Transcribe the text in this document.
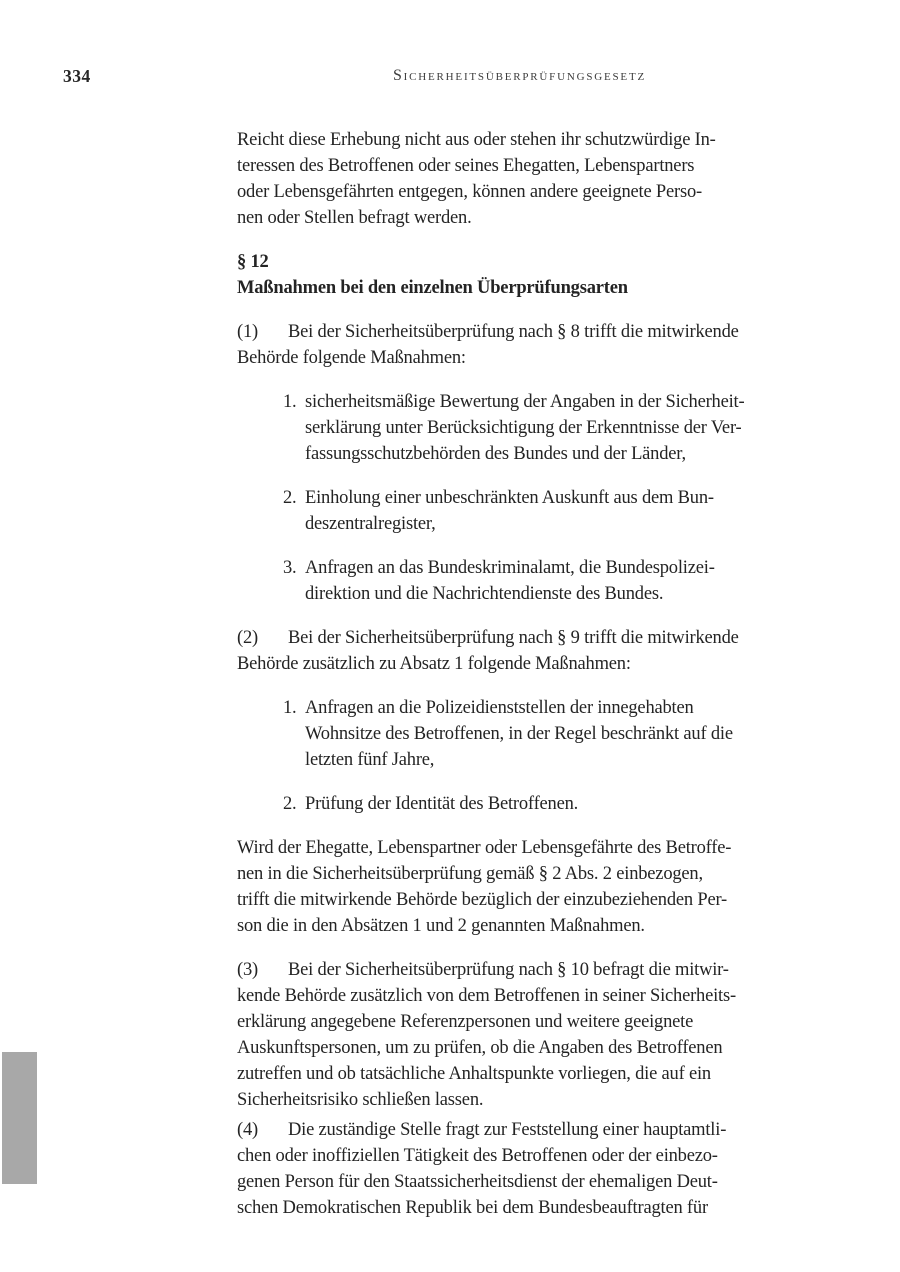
334	Sicherheitsüberprüfungsgesetz
Reicht diese Erhebung nicht aus oder stehen ihr schutzwürdige In-
teressen des Betroffenen oder seines Ehegatten, Lebenspartners
oder Lebensgefährten entgegen, können andere geeignete Perso-
nen oder Stellen befragt werden.
§ 12
Maßnahmen bei den einzelnen Überprüfungsarten
(1) Bei der Sicherheitsüberprüfung nach § 8 trifft die mitwirkende
Behörde folgende Maßnahmen:
1. sicherheitsmäßige Bewertung der Angaben in der Sicherheit-
serklärung unter Berücksichtigung der Erkenntnisse der Ver-
fassungsschutzbehörden des Bundes und der Länder,
2. Einholung einer unbeschränkten Auskunft aus dem Bun-
deszentralregister,
3. Anfragen an das Bundeskriminalamt, die Bundespolizei-
direktion und die Nachrichtendienste des Bundes.
(2) Bei der Sicherheitsüberprüfung nach § 9 trifft die mitwirkende
Behörde zusätzlich zu Absatz 1 folgende Maßnahmen:
1. Anfragen an die Polizeidienststellen der innegehabten
Wohnsitze des Betroffenen, in der Regel beschränkt auf die
letzten fünf Jahre,
2. Prüfung der Identität des Betroffenen.
Wird der Ehegatte, Lebenspartner oder Lebensgefährte des Betroffe-
nen in die Sicherheitsüberprüfung gemäß § 2 Abs. 2 einbezogen,
trifft die mitwirkende Behörde bezüglich der einzubeziehenden Per-
son die in den Absätzen 1 und 2 genannten Maßnahmen.
(3) Bei der Sicherheitsüberprüfung nach § 10 befragt die mitwir-
kende Behörde zusätzlich von dem Betroffenen in seiner Sicherheits-
erklärung angegebene Referenzpersonen und weitere geeignete
Auskunftspersonen, um zu prüfen, ob die Angaben des Betroffenen
zutreffen und ob tatsächliche Anhaltspunkte vorliegen, die auf ein
Sicherheitsrisiko schließen lassen.
(4) Die zuständige Stelle fragt zur Feststellung einer hauptamtli-
chen oder inoffiziellen Tätigkeit des Betroffenen oder der einbezo-
genen Person für den Staatssicherheitsdienst der ehemaligen Deut-
schen Demokratischen Republik bei dem Bundesbeauftragten für
